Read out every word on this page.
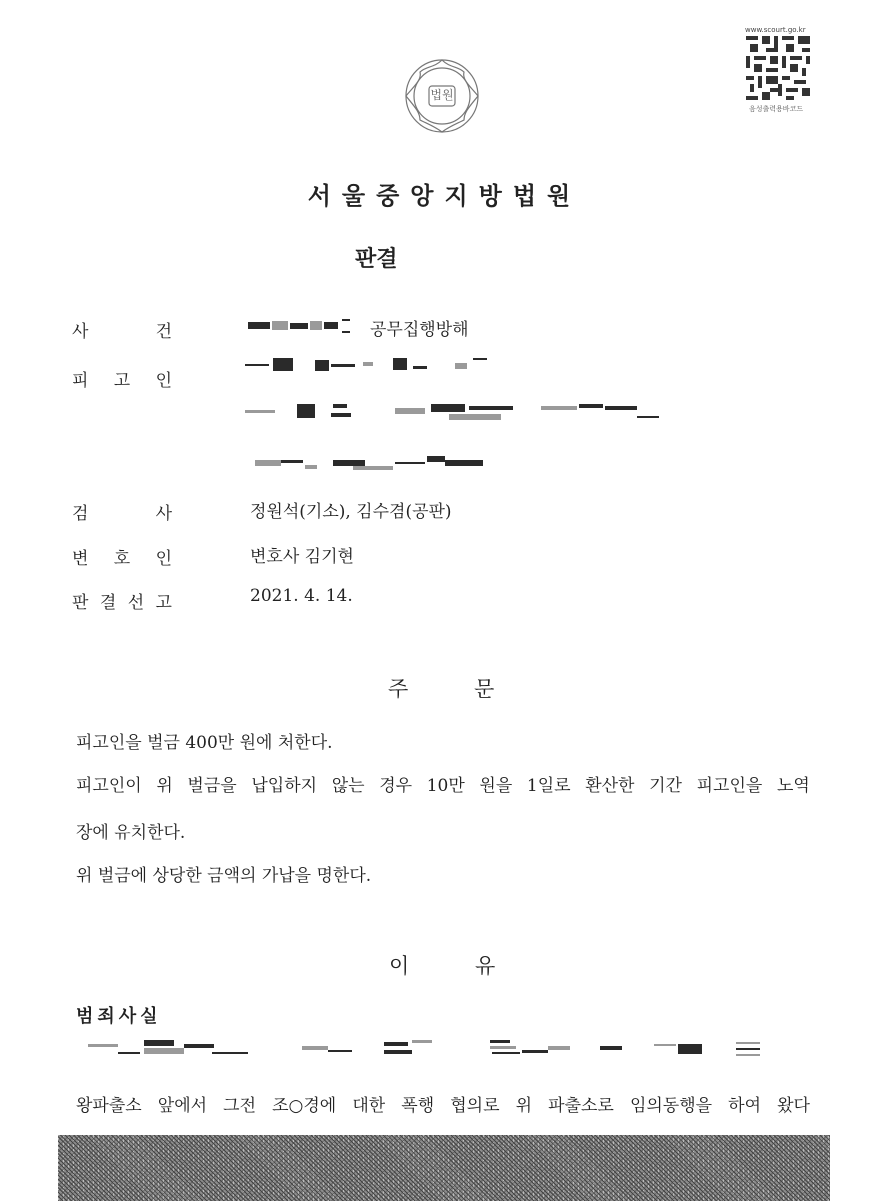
법원
www.scourt.go.kr
음성출력용바코드
서울중앙지방법원
판결
사	건	공무집행방해
피 고 인
검	사	정원석(기소), 김수겸(공판)
변 호 인	변호사 김기현
판 결 선 고	2021. 4. 14.
주	문
피고인을 벌금 400만 원에 처한다.
피고인이 위 벌금을 납입하지 않는 경우 10만 원을 1일로 환산한 기간 피고인을 노역
장에 유치한다.
위 벌금에 상당한 금액의 가납을 명한다.
이	유
범죄사실
왕파출소 앞에서 그전 조○경에 대한 폭행 협의로 위 파출소로 임의동행을 하여 왔다
